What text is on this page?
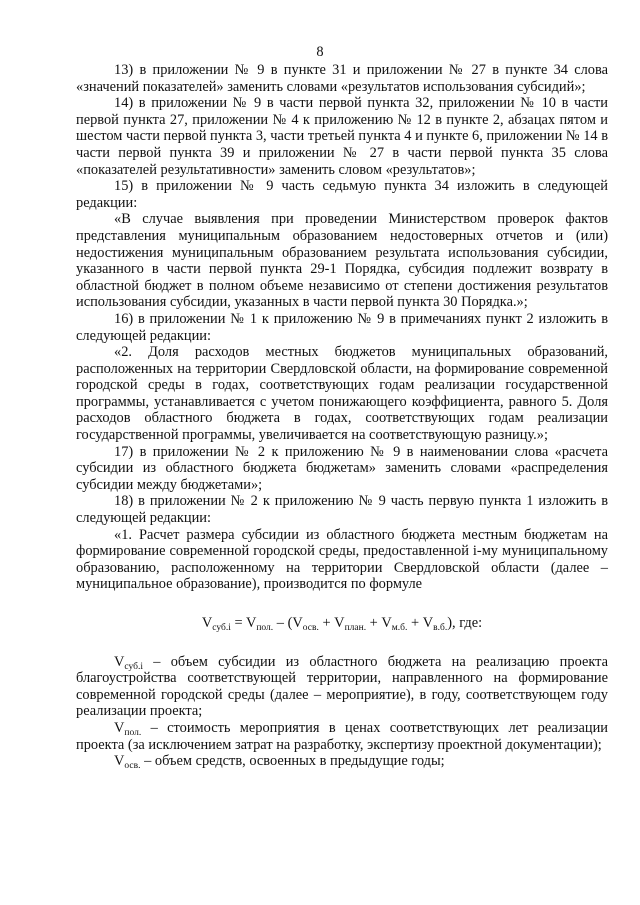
8

13) в приложении № 9 в пункте 31 и приложении № 27 в пункте 34 слова «значений показателей» заменить словами «результатов использования субсидий»;

14) в приложении № 9 в части первой пункта 32, приложении № 10 в части первой пункта 27, приложении № 4 к приложению № 12 в пункте 2, абзацах пятом и шестом части первой пункта 3, части третьей пункта 4 и пункте 6, приложении № 14 в части первой пункта 39 и приложении № 27 в части первой пункта 35 слова «показателей результативности» заменить словом «результатов»;

15) в приложении № 9 часть седьмую пункта 34 изложить в следующей редакции:

«В случае выявления при проведении Министерством проверок фактов представления муниципальным образованием недостоверных отчетов и (или) недостижения муниципальным образованием результата использования субсидии, указанного в части первой пункта 29-1 Порядка, субсидия подлежит возврату в областной бюджет в полном объеме независимо от степени достижения результатов использования субсидии, указанных в части первой пункта 30 Порядка.»;

16) в приложении № 1 к приложению № 9 в примечаниях пункт 2 изложить в следующей редакции:

«2. Доля расходов местных бюджетов муниципальных образований, расположенных на территории Свердловской области, на формирование современной городской среды в годах, соответствующих годам реализации государственной программы, устанавливается с учетом понижающего коэффициента, равного 5. Доля расходов областного бюджета в годах, соответствующих годам реализации государственной программы, увеличивается на соответствующую разницу.»;

17) в приложении № 2 к приложению № 9 в наименовании слова «расчета субсидии из областного бюджета бюджетам» заменить словами «распределения субсидии между бюджетами»;

18) в приложении № 2 к приложению № 9 часть первую пункта 1 изложить в следующей редакции:

«1. Расчет размера субсидии из областного бюджета местным бюджетам на формирование современной городской среды, предоставленной i-му муниципальному образованию, расположенному на территории Свердловской области (далее – муниципальное образование), производится по формуле

$V_{суб.i} = V_{пол.} - (V_{осв.} + V_{план.} + V_{м.б.} + V_{в.б.})$, где:

$V_{суб.i}$ – объем субсидии из областного бюджета на реализацию проекта благоустройства соответствующей территории, направленного на формирование современной городской среды (далее – мероприятие), в году, соответствующем году реализации проекта;

$V_{пол.}$ – стоимость мероприятия в ценах соответствующих лет реализации проекта (за исключением затрат на разработку, экспертизу проектной документации);

$V_{осв.}$ – объем средств, освоенных в предыдущие годы;
